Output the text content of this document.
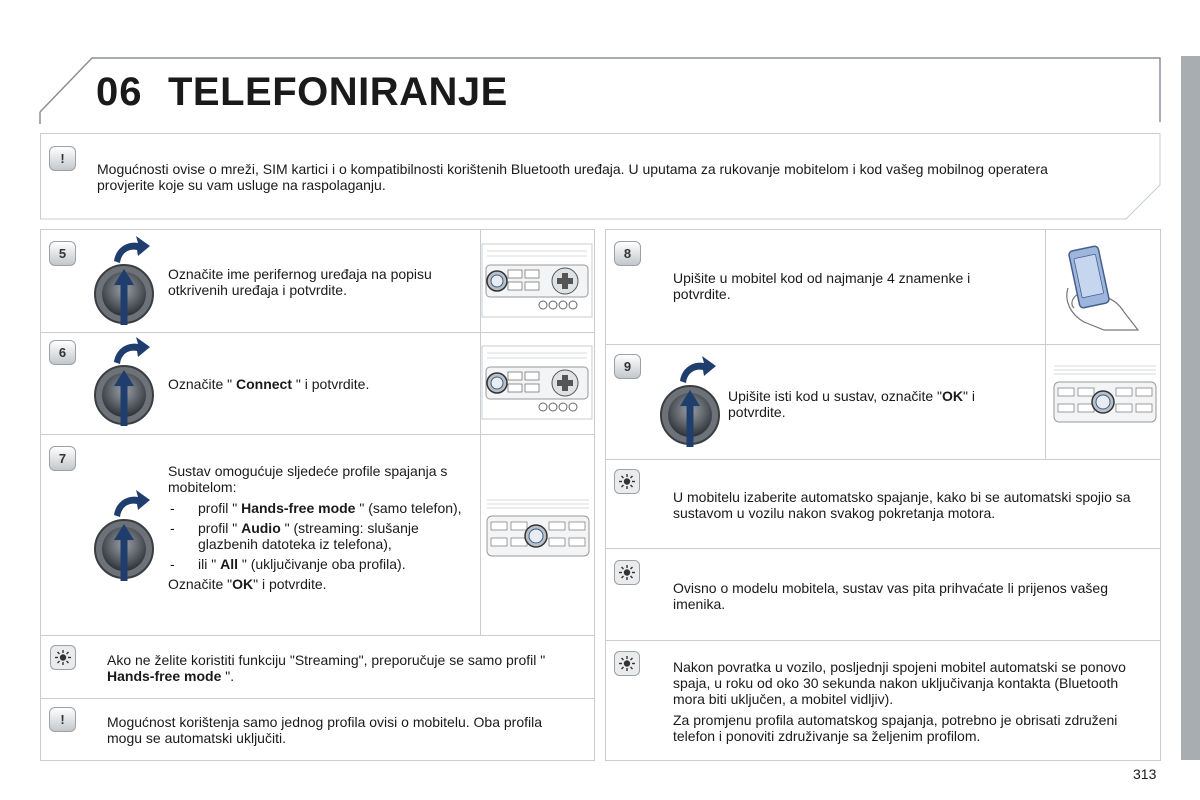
06 TELEFONIRANJE
!
Mogućnosti ovise o mreži, SIM kartici i o kompatibilnosti korištenih Bluetooth uređaja. U uputama za rukovanje mobitelom i kod vašeg mobilnog operatera provjerite koje su vam usluge na raspolaganju.
5
Označite ime perifernog uređaja na popisu otkrivenih uređaja i potvrdite.
6
Označite " Connect " i potvrdite.
7
Sustav omogućuje sljedeće profile spajanja s mobitelom:
- profil " Hands-free mode " (samo telefon),
- profil " Audio " (streaming: slušanje glazbenih datoteka iz telefona),
- ili " All " (uključivanje oba profila).
Označite "OK" i potvrdite.
Ako ne želite koristiti funkciju "Streaming", preporučuje se samo profil " Hands-free mode ".
!	Mogućnost korištenja samo jednog profila ovisi o mobitelu. Oba profila mogu se automatski uključiti.
8
Upišite u mobitel kod od najmanje 4 znamenke i potvrdite.
9
Upišite isti kod u sustav, označite "OK" i potvrdite.
U mobitelu izaberite automatsko spajanje, kako bi se automatski spojio sa sustavom u vozilu nakon svakog pokretanja motora.
Ovisno o modelu mobitela, sustav vas pita prihvaćate li prijenos vašeg imenika.
Nakon povratka u vozilo, posljednji spojeni mobitel automatski se ponovo spaja, u roku od oko 30 sekunda nakon uključivanja kontakta (Bluetooth mora biti uključen, a mobitel vidljiv).
Za promjenu profila automatskog spajanja, potrebno je obrisati združeni telefon i ponoviti združivanje sa željenim profilom.
313
